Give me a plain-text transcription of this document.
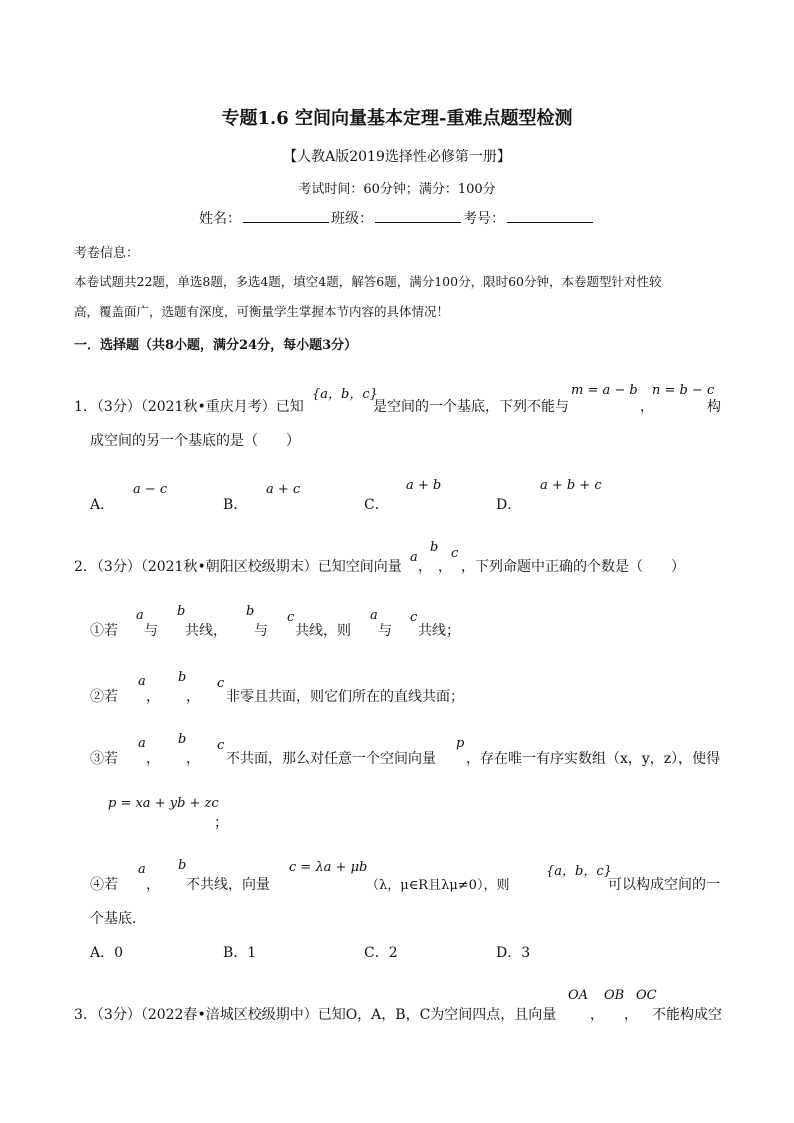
专题1.6 空间向量基本定理-重难点题型检测
【人教A版2019选择性必修第一册】
考试时间：60分钟；满分：100分
姓名：	班级：	考号：
考卷信息：
本卷试题共22题，单选8题，多选4题，填空4题，解答6题，满分100分，限时60分钟，本卷题型针对性较
高，覆盖面广，选题有深度，可衡量学生掌握本节内容的具体情况！
一．选择题（共8小题，满分24分，每小题3分）
1．（3分）（2021秋•重庆月考）已知
{a，b，c}
是空间的一个基底，下列不能与
m = a − b
，
n = b − c
构
成空间的另一个基底的是（　　）
A．
a − c
B．
a + c
C．
a + b
D．
a + b + c
2．（3分）（2021秋•朝阳区校级期末）已知空间向量
a
，
b
，
c
，下列命题中正确的个数是（　　）
①若
a
与
b
共线，
b
与
c
共线，则
a
与
c
共线；
②若
a
，
b
，
c
非零且共面，则它们所在的直线共面；
③若
a
，
b
，
c
不共面，那么对任意一个空间向量
p
，存在唯一有序实数组（x，y，z），使得
p = xa + yb + zc
；
④若
a
，
b
不共线，向量
c = λa + μb
（λ，μ∈R且λμ≠0），则
{a，b，c}
可以构成空间的一
个基底．
A．0	B．1	C．2	D．3
3．（3分）（2022春•涪城区校级期中）已知O，A，B，C为空间四点，且向量
OA
，
OB
，
OC
不能构成空
